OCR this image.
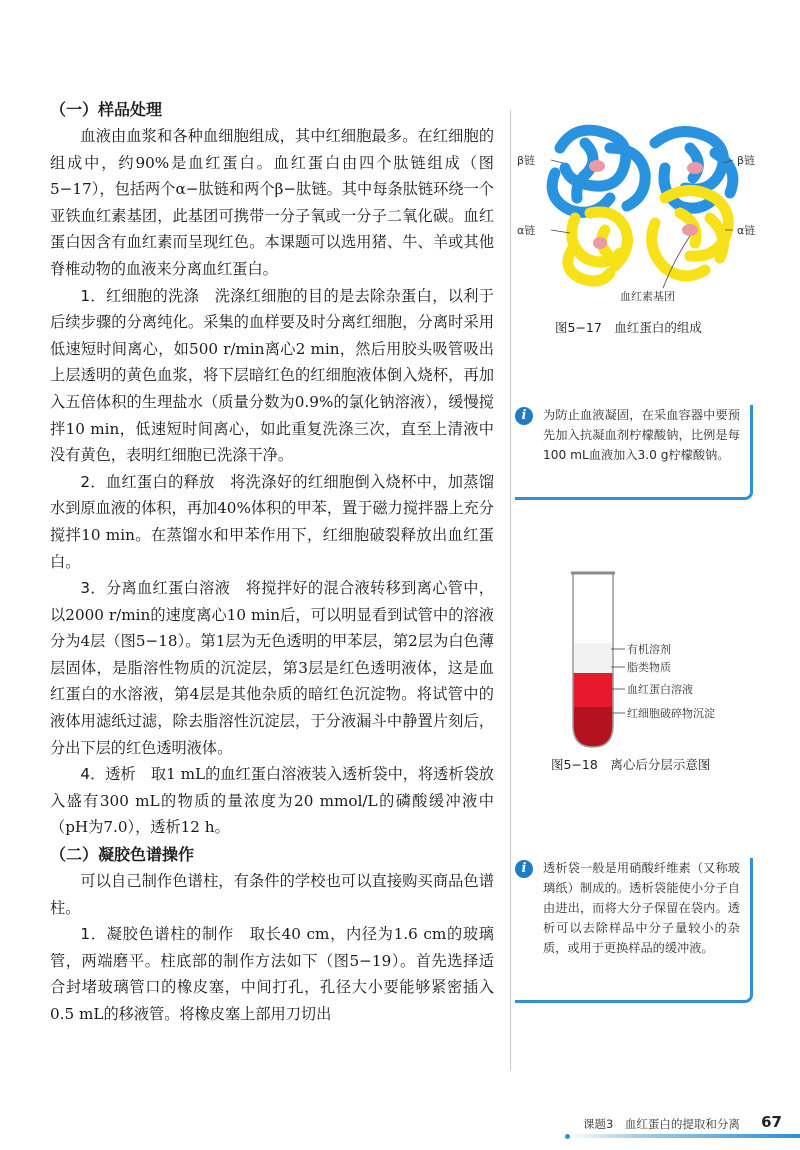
（一）样品处理

血液由血浆和各种血细胞组成，其中红细胞最多。在红细胞的组成中，约90%是血红蛋白。血红蛋白由四个肽链组成（图5−17），包括两个α−肽链和两个β−肽链。其中每条肽链环绕一个亚铁血红素基团，此基团可携带一分子氧或一分子二氧化碳。血红蛋白因含有血红素而呈现红色。本课题可以选用猪、牛、羊或其他脊椎动物的血液来分离血红蛋白。

1．红细胞的洗涤　洗涤红细胞的目的是去除杂蛋白，以利于后续步骤的分离纯化。采集的血样要及时分离红细胞，分离时采用低速短时间离心，如500 r/min离心2 min，然后用胶头吸管吸出上层透明的黄色血浆，将下层暗红色的红细胞液体倒入烧杯，再加入五倍体积的生理盐水（质量分数为0.9%的氯化钠溶液），缓慢搅拌10 min，低速短时间离心，如此重复洗涤三次，直至上清液中没有黄色，表明红细胞已洗涤干净。

2．血红蛋白的释放　将洗涤好的红细胞倒入烧杯中，加蒸馏水到原血液的体积，再加40%体积的甲苯，置于磁力搅拌器上充分搅拌10 min。在蒸馏水和甲苯作用下，红细胞破裂释放出血红蛋白。

3．分离血红蛋白溶液　将搅拌好的混合液转移到离心管中，以2000 r/min的速度离心10 min后，可以明显看到试管中的溶液分为4层（图5−18）。第1层为无色透明的甲苯层，第2层为白色薄层固体，是脂溶性物质的沉淀层，第3层是红色透明液体，这是血红蛋白的水溶液，第4层是其他杂质的暗红色沉淀物。将试管中的液体用滤纸过滤，除去脂溶性沉淀层，于分液漏斗中静置片刻后，分出下层的红色透明液体。

4．透析　取1 mL的血红蛋白溶液装入透析袋中，将透析袋放入盛有300 mL的物质的量浓度为20 mmol/L的磷酸缓冲液中（pH为7.0），透析12 h。

（二）凝胶色谱操作

可以自己制作色谱柱，有条件的学校也可以直接购买商品色谱柱。

1．凝胶色谱柱的制作　取长40 cm，内径为1.6 cm的玻璃管，两端磨平。柱底部的制作方法如下（图5−19）。首先选择适合封堵玻璃管口的橡皮塞，中间打孔，孔径大小要能够紧密插入0.5 mL的移液管。将橡皮塞上部用刀切出

β链	β链
α链	α链
血红素基团
图5−17　血红蛋白的组成
i	为防止血液凝固，在采血容器中要预先加入抗凝血剂柠檬酸钠，比例是每100 mL血液加入3.0 g柠檬酸钠。
有机溶剂
脂类物质
血红蛋白溶液
红细胞破碎物沉淀
图5−18　离心后分层示意图
i	透析袋一般是用硝酸纤维素（又称玻璃纸）制成的。透析袋能使小分子自由进出，而将大分子保留在袋内。透析可以去除样品中分子量较小的杂质，或用于更换样品的缓冲液。
课题3　血红蛋白的提取和分离 67
